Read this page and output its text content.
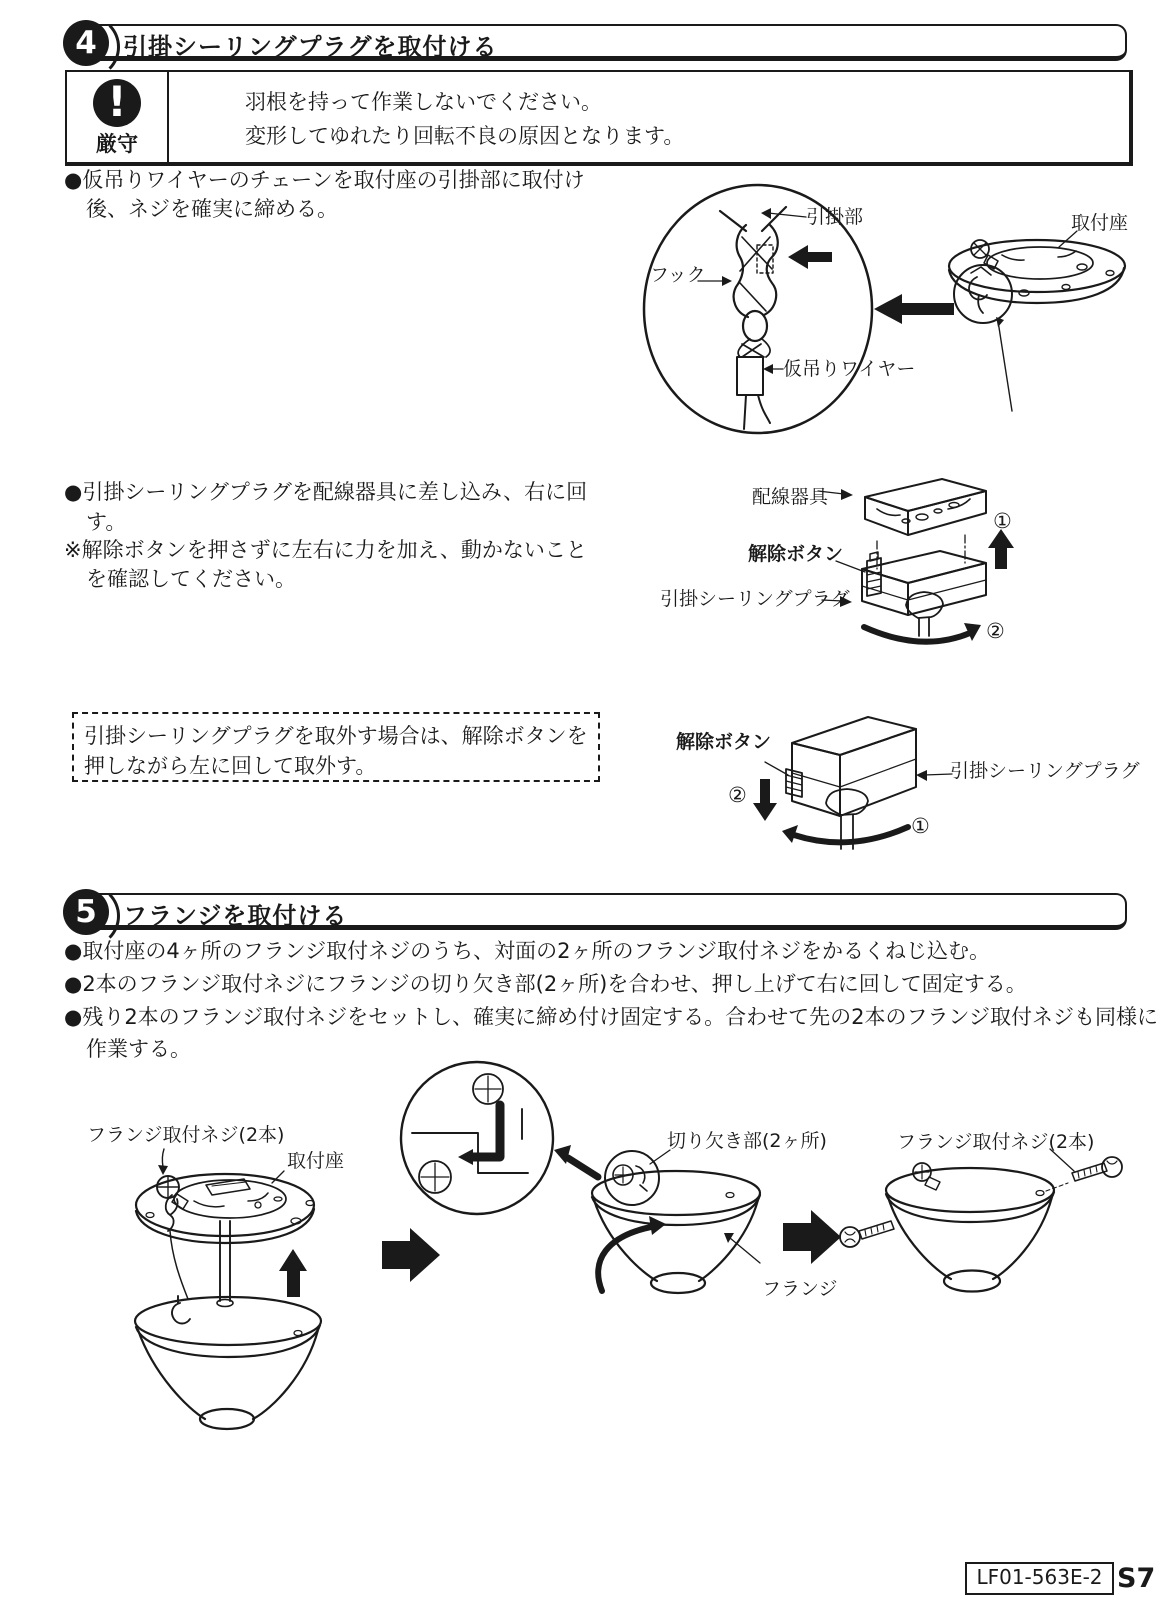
4	引掛シーリングプラグを取付ける
!
厳守
羽根を持って作業しないでください。
変形してゆれたり回転不良の原因となります。
●仮吊りワイヤーのチェーンを取付座の引掛部に取付け
後、ネジを確実に締める。	引掛部
フック
仮吊りワイヤー
取付座
●引掛シーリングプラグを配線器具に差し込み、右に回
す。
※解除ボタンを押さずに左右に力を加え、動かないこと
を確認してください。
配線器具
解除ボタン
引掛シーリングプラグ
①
②
引掛シーリングプラグを取外す場合は、解除ボタンを
押しながら左に回して取外す。
解除ボタン
引掛シーリングプラグ
②
①
5	フランジを取付ける
●取付座の4ヶ所のフランジ取付ネジのうち、対面の2ヶ所のフランジ取付ネジをかるくねじ込む。
●2本のフランジ取付ネジにフランジの切り欠き部(2ヶ所)を合わせ、押し上げて右に回して固定する。
●残り2本のフランジ取付ネジをセットし、確実に締め付け固定する。合わせて先の2本のフランジ取付ネジも同様に
作業する。
フランジ取付ネジ(2本)
取付座
切り欠き部(2ヶ所)
フランジ
フランジ取付ネジ(2本)
LF01-563E-2 S7
